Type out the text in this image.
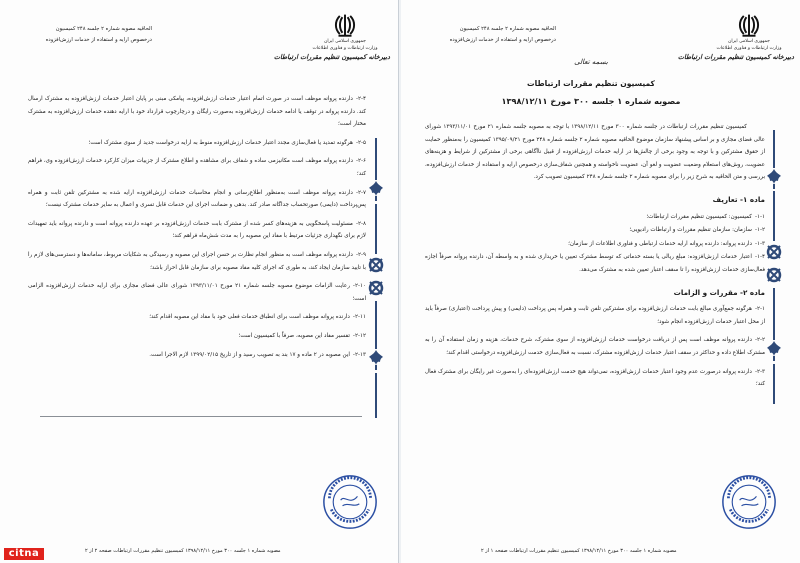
جمهوری اسلامی ایران
وزارت ارتباطات و فناوری اطلاعات
دبیرخانه کمیسیون تنظیم مقررات ارتباطات
الحاقیه مصوبه شماره ۲ جلسه ۲۴۸ کمیسیون
درخصوص ارایه و استفاده از خدمات ارزش‌افزوده

۲-۴-دارنده پروانه موظف است در صورت اتمام اعتبار خدمات ارزش‌افزوده، پیامکی مبنی بر پایان اعتبار خدمات ارزش‌افزوده به مشترک ارسال کند. دارنده پروانه در توقف یا ادامه خدمات ارزش‌افزوده به‌صورت رایگان و درچارچوب قرارداد خود با ارایه دهنده خدمات ارزش‌افزوده به مشترک مختار است؛

۲-۵-هرگونه تمدید یا فعال‌سازی مجدد اعتبار خدمات ارزش‌افزوده منوط به ارایه درخواست جدید از سوی مشترک است؛

۲-۶-دارنده پروانه موظف است مکانیزمی ساده و شفاف برای مشاهده و اطلاع مشترک از جزییات میزان کارکرد خدمات ارزش‌افزوده وی، فراهم کند؛

۲-۷-دارنده پروانه موظف است به‌منظور اطلاع‌رسانی و انجام محاسبات خدمات ارزش‌افزوده ارایه شده به مشترکین تلفن ثابت و همراه پس‌پرداخت (دایمی) صورتحساب جداگانه صادر کند. بدهی و ضمانت اجرای این خدمات قابل تسری و اعمال به سایر خدمات مشترک نیست؛

۲-۸-مسئولیت پاسخگویی به هزینه‌های کسر شده از مشترک بابت خدمات ارزش‌افزوده بر عهده دارنده پروانه است و دارنده پروانه باید تمهیدات لازم برای نگهداری جزئیات مرتبط با مفاد این مصوبه را به مدت شش‌ماه فراهم کند؛

۲-۹-دارنده پروانه موظف است به منظور انجام نظارت بر حسن اجرای این مصوبه و رسیدگی به شکایات مربوط، سامانه‌ها و دسترسی‌های لازم را با تایید سازمان ایجاد کند، به طوری که اجرای کلیه مفاد مصوبه برای سازمان قابل احراز باشد؛

۲-۱۰-رعایت الزامات موضوع مصوبه جلسه شماره ۲۱ مورخ ۱۳۹۳/۱۱/۰۱ شورای عالی فضای مجازی برای ارایه خدمات ارزش‌افزوده الزامی است؛

۲-۱۱-دارنده پروانه موظف است برای انطباق خدمات فعلی خود با مفاد این مصوبه اقدام کند؛

۲-۱۲-تفسیر مفاد این مصوبه، صرفاً با کمیسیون است؛

۲-۱۳-این مصوبه در ۲ ماده و ۱۷ بند به تصویب رسید و از تاریخ ۱۳۹۹/۰۲/۱۵ لازم الاجرا است.

مصوبه شماره ۱ جلسه ۳۰۰ مورخ ۱۳۹۸/۱۲/۱۱ کمیسیون تنظیم مقررات ارتباطات صفحه ۲ از ۲
citna
جمهوری اسلامی ایران
وزارت ارتباطات و فناوری اطلاعات
دبیرخانه کمیسیون تنظیم مقررات ارتباطات
الحاقیه مصوبه شماره ۲ جلسه ۲۴۸ کمیسیون
درخصوص ارایه و استفاده از خدمات ارزش‌افزوده
بسمه تعالی
کمیسیون تنظیم مقررات ارتباطات
مصوبه شماره ۱ جلسه ۳۰۰ مورخ ۱۳۹۸/۱۲/۱۱

کمیسیون تنظیم مقررات ارتباطات در جلسه شماره ۳۰۰ مورخ ۱۳۹۸/۱۲/۱۱ با توجه به مصوبه جلسه شماره ۲۱ مورخ ۱۳۹۳/۱۱/۰۱ شورای عالی فضای مجازی و بر اساس پیشنهاد سازمان موضوع الحاقیه مصوبه شماره ۲ جلسه شماره ۲۴۸ مورخ ۱۳۹۵/۰۹/۲۱ کمیسیون را به‌منظور حمایت از حقوق مشترکین و با توجه به وجود برخی از چالش‌ها در ارایه خدمات ارزش‌افزوده از قبیل ناآگاهی برخی از مشترکین از شرایط و هزینه‌های عضویت، روش‌های استعلام وضعیت عضویت و لغو آن، عضویت ناخواسته و همچنین شفاف‌سازی درخصوص ارایه و استفاده از خدمات ارزش‌افزوده، بررسی و متن الحاقیه به شرح زیر را برای مصوبه شماره ۲ جلسه شماره ۲۴۸ کمیسیون تصویب کرد.

ماده ۱- تعاریف

۱-۱-کمیسیون: کمیسیون تنظیم مقررات ارتباطات؛

۱-۲-سازمان: سازمان تنظیم مقررات و ارتباطات رادیویی؛

۱-۳-دارنده پروانه: دارنده پروانه ارایه خدمات ارتباطی و فناوری اطلاعات از سازمان؛

۱-۴-اعتبار خدمات ارزش‌افزوده: مبلغ ریالی یا بسته خدماتی که توسط مشترک تعیین یا خریداری شده و به واسطه آن، دارنده پروانه صرفاً اجازه فعال‌سازی خدمات ارزش‌افزوده را تا سقف اعتبار تعیین شده به مشترک می‌دهد.

ماده ۲- مقررات و الزامات

۲-۱-هرگونه جمع‌آوری مبالغ بابت خدمات ارزش‌افزوده برای مشترکین تلفن ثابت و همراه پس پرداخت (دایمی) و پیش پرداخت (اعتباری) صرفاً باید از محل اعتبار خدمات ارزش‌افزوده انجام شود؛

۲-۲-دارنده پروانه موظف است پس از دریافت درخواست خدمات ارزش‌افزوده از سوی مشترک، شرح خدمات، هزینه و زمان استفاده آن را به مشترک اطلاع داده و حداکثر در سقف اعتبار خدمات ارزش‌افزوده مشترک، نسبت به فعال‌سازی خدمت ارزش‌افزوده درخواستی اقدام کند؛

۲-۳-دارنده پروانه درصورت عدم وجود اعتبار خدمات ارزش‌افزوده، نمی‌تواند هیچ خدمت ارزش‌افزوده‌ای را به‌صورت غیر رایگان برای مشترک فعال کند؛

مصوبه شماره ۱ جلسه ۳۰۰ مورخ ۱۳۹۸/۱۲/۱۱ کمیسیون تنظیم مقررات ارتباطات صفحه ۱ از ۲
